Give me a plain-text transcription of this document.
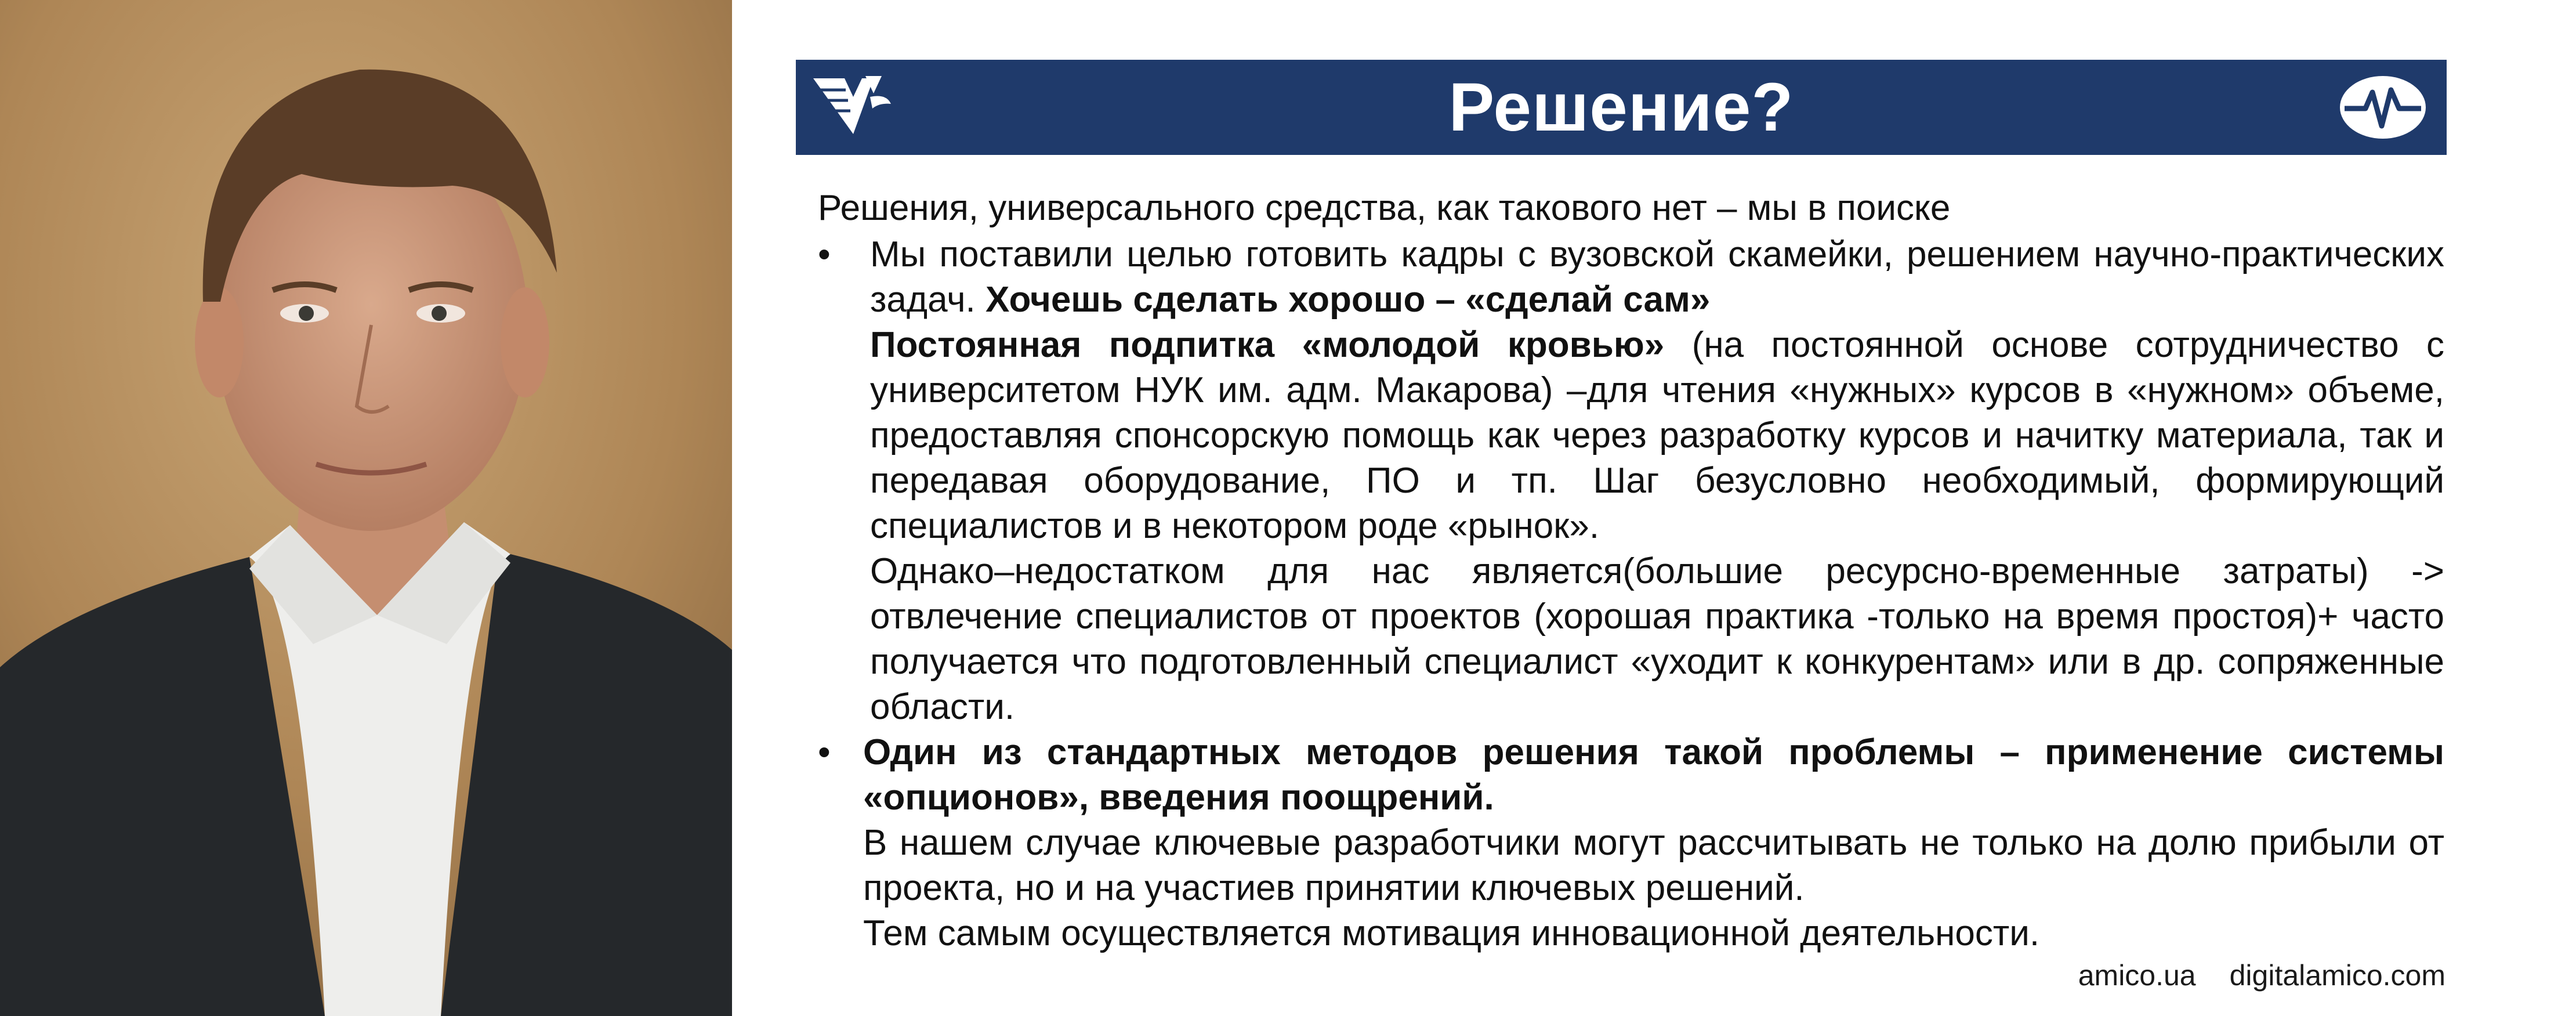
Решение?
Решения, универсального средства, как такового нет – мы в поиске
• Мы поставили целью готовить кадры с вузовской скамейки, решением научно-практических задач. Хочешь сделать хорошо – «сделай сам»

Постоянная подпитка «молодой кровью» (на постоянной основе сотрудничество с университетом НУК им. адм. Макарова) –для чтения «нужных» курсов в «нужном» объеме, предоставляя спонсорскую помощь как через разработку курсов и начитку материала, так и передавая оборудование, ПО и тп. Шаг безусловно необходимый, формирующий специалистов и в некотором роде «рынок».

Однако–недостатком для нас является(большие ресурсно-временные затраты) -> отвлечение специалистов от проектов (хорошая практика -только на время простоя)+ часто получается что подготовленный специалист «уходит к конкурентам» или в др. сопряженные области.

• Один из стандартных методов решения такой проблемы – применение системы «опционов», введения поощрений.

В нашем случае ключевые разработчики могут рассчитывать не только на долю прибыли от проекта, но и на участиев принятии ключевых решений.

Тем самым осуществляется мотивация инновационной деятельности.

amico.ua digitalamico.com
